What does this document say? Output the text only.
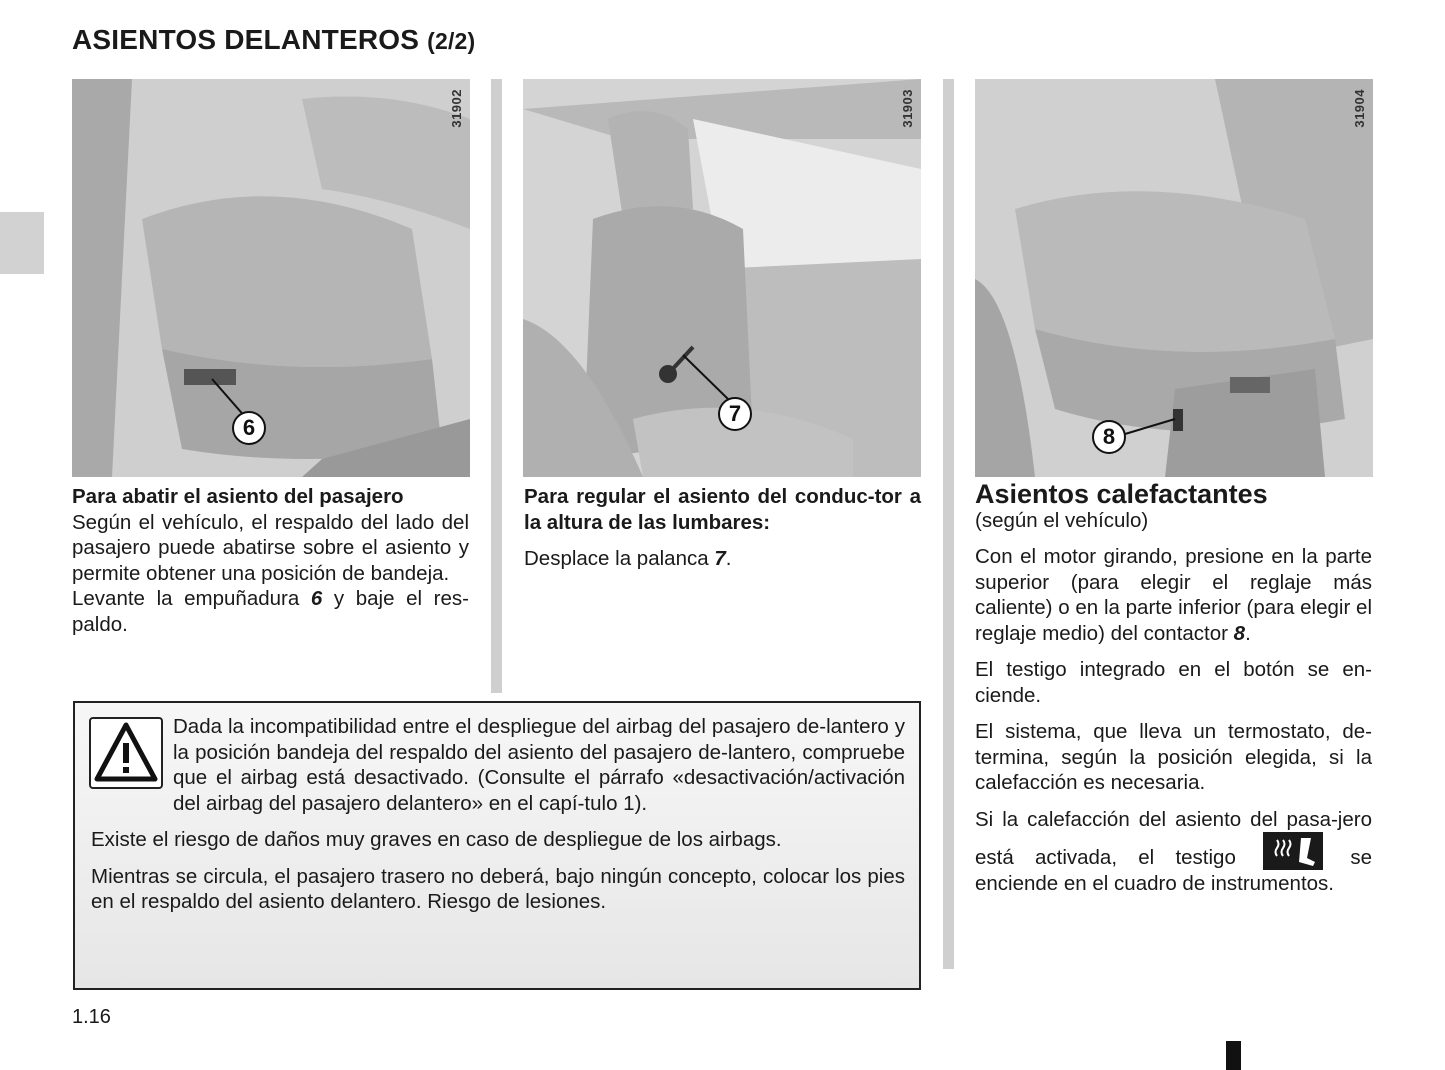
ASIENTOS DELANTEROS (2/2)
31902
6
31903
7
31904
8

Para abatir el asiento del pasajero

Según el vehículo, el respaldo del lado del pasajero puede abatirse sobre el asiento y permite obtener una posición de bandeja.

Levante la empuñadura 6 y baje el res-paldo.

Para regular el asiento del conduc-tor a la altura de las lumbares:

Desplace la palanca 7.

Asientos calefactantes

(según el vehículo)

Con el motor girando, presione en la parte superior (para elegir el reglaje más caliente) o en la parte inferior (para elegir el reglaje medio) del contactor 8.

El testigo integrado en el botón se en-ciende.

El sistema, que lleva un termostato, de-termina, según la posición elegida, si la calefacción es necesaria.

Si la calefacción del asiento del pasa-jero está activada, el testigo	se enciende en el cuadro de instrumentos.

Dada la incompatibilidad entre el despliegue del airbag del pasajero de-lantero y la posición bandeja del respaldo del asiento del pasajero de-lantero, compruebe que el airbag está desactivado. (Consulte el párrafo «desactivación/activación del airbag del pasajero delantero» en el capí-tulo 1).

Existe el riesgo de daños muy graves en caso de despliegue de los airbags.

Mientras se circula, el pasajero trasero no deberá, bajo ningún concepto, colocar los pies en el respaldo del asiento delantero. Riesgo de lesiones.

1.16
